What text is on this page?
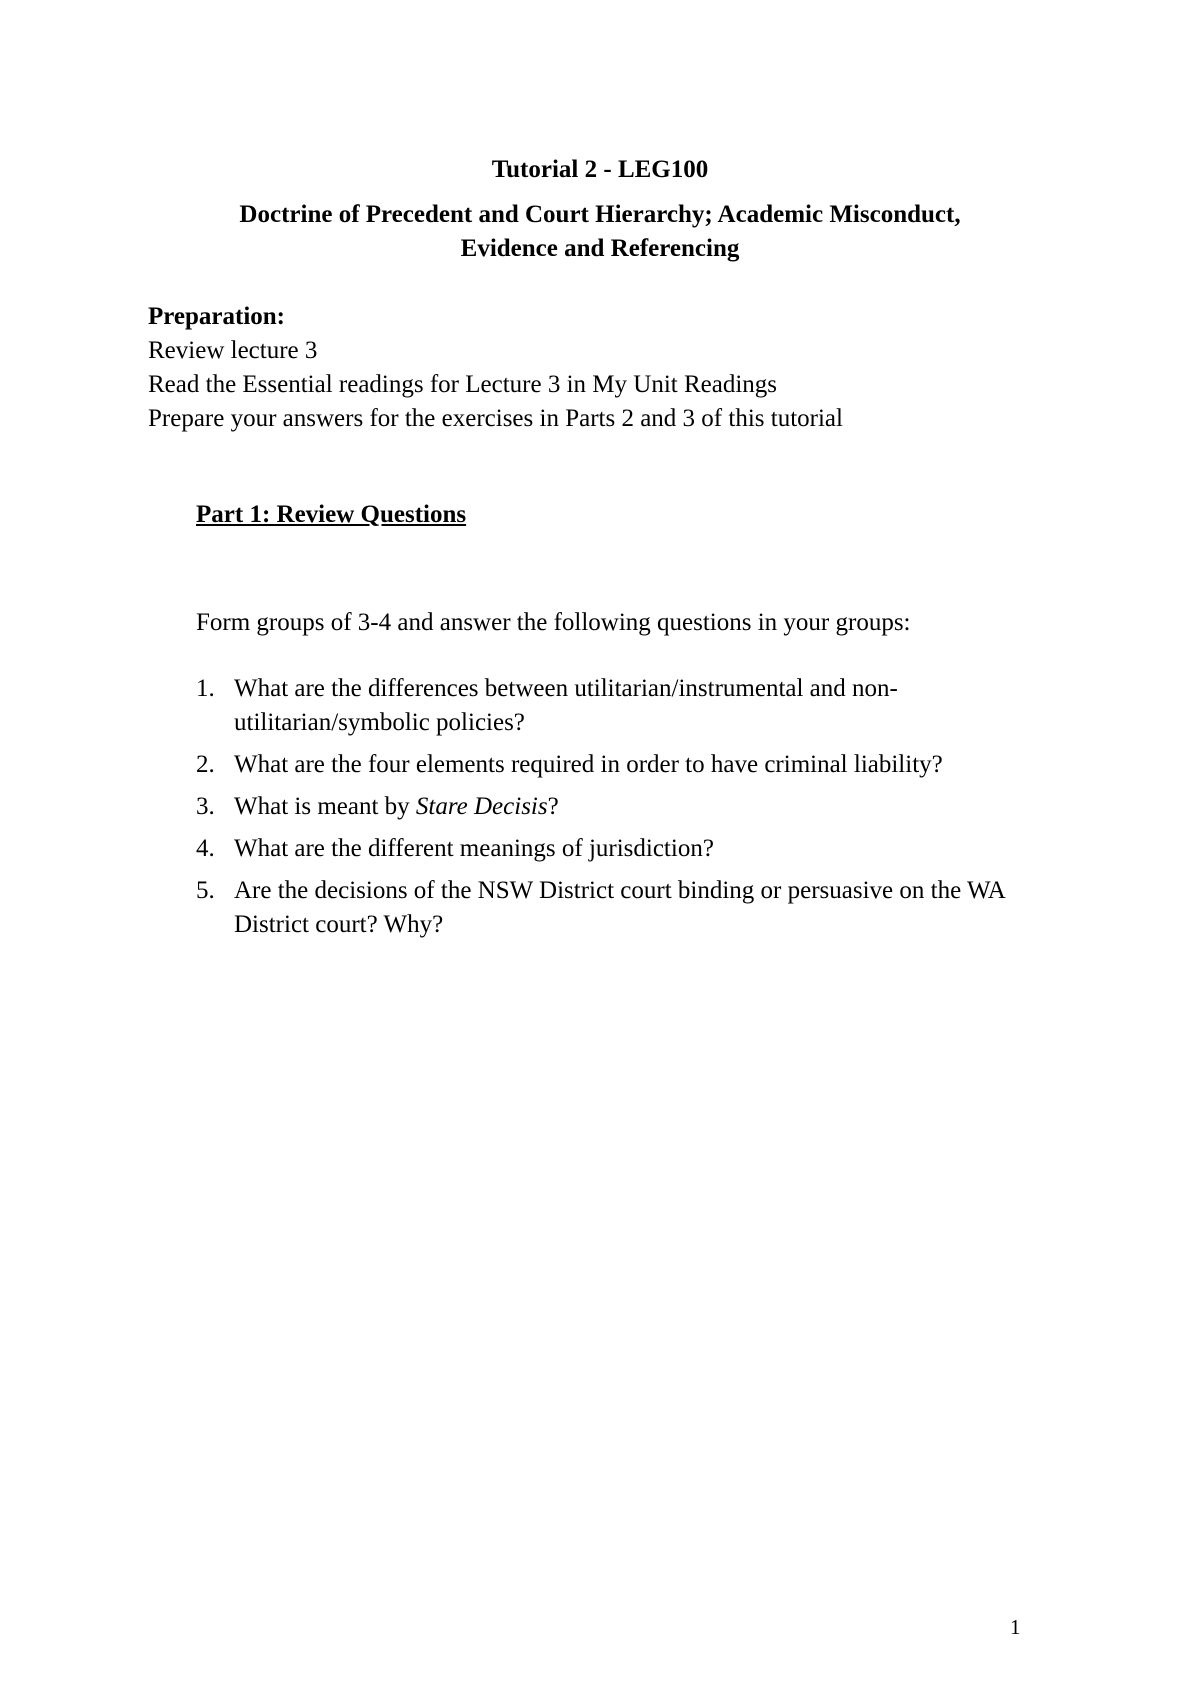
Tutorial 2 - LEG100

Doctrine of Precedent and Court Hierarchy; Academic Misconduct,
Evidence and Referencing

Preparation:
Review lecture 3
Read the Essential readings for Lecture 3 in My Unit Readings
Prepare your answers for the exercises in Parts 2 and 3 of this tutorial

Part 1: Review Questions

Form groups of 3-4 and answer the following questions in your groups:

1. What are the differences between utilitarian/instrumental and non-utilitarian/symbolic policies?
2. What are the four elements required in order to have criminal liability?
3. What is meant by Stare Decisis?
4. What are the different meanings of jurisdiction?
5. Are the decisions of the NSW District court binding or persuasive on the WA District court? Why?
1
